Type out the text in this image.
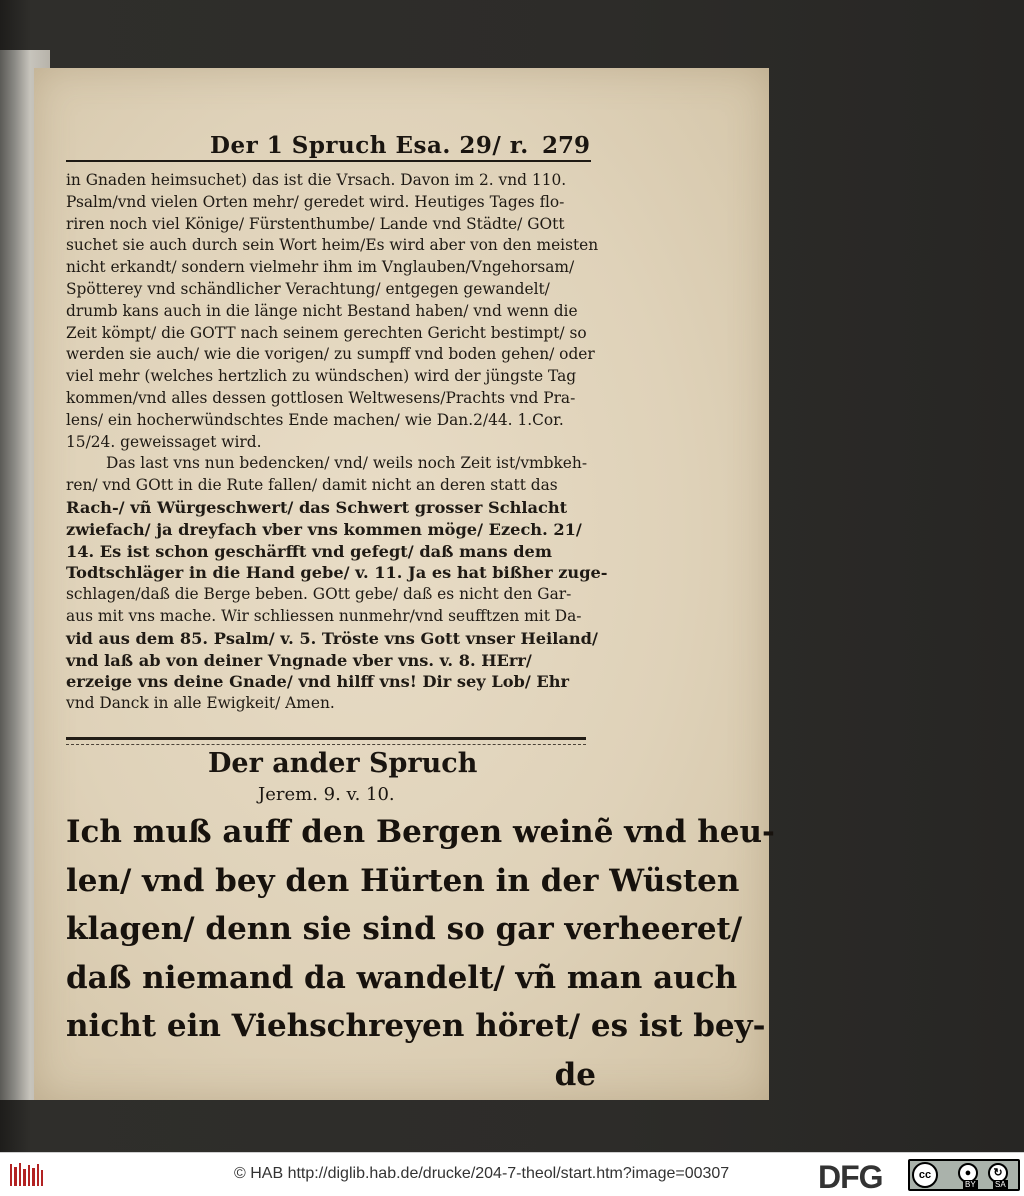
Der 1 Spruch Esa. 29/ r. 279
in Gnaden heimsuchet) das ist die Vrsach. Davon im 2. vnd 110.
Psalm/vnd vielen Orten mehr/ geredet wird. Heutiges Tages flo-
riren noch viel Könige/ Fürstenthumbe/ Lande vnd Städte/ GOtt
suchet sie auch durch sein Wort heim/Es wird aber von den meisten
nicht erkandt/ sondern vielmehr ihm im Vnglauben/Vngehorsam/
Spötterey vnd schändlicher Verachtung/ entgegen gewandelt/
drumb kans auch in die länge nicht Bestand haben/ vnd wenn die
Zeit kömpt/ die GOTT nach seinem gerechten Gericht bestimpt/ so
werden sie auch/ wie die vorigen/ zu sumpff vnd boden gehen/ oder
viel mehr (welches hertzlich zu wündschen) wird der jüngste Tag
kommen/vnd alles dessen gottlosen Weltwesens/Prachts vnd Pra-
lens/ ein hocherwündschtes Ende machen/ wie Dan.2/44. 1.Cor.
15/24. geweissaget wird.
Das last vns nun bedencken/ vnd/ weils noch Zeit ist/vmbkeh-
ren/ vnd GOtt in die Rute fallen/ damit nicht an deren statt das
Rach-/ vñ Würgeschwert/ das Schwert grosser Schlacht
zwiefach/ ja dreyfach vber vns kommen möge/ Ezech. 21/
14. Es ist schon geschärfft vnd gefegt/ daß mans dem
Todtschläger in die Hand gebe/ v. 11. Ja es hat bißher zuge-
schlagen/daß die Berge beben. GOtt gebe/ daß es nicht den Gar-
aus mit vns mache. Wir schliessen nunmehr/vnd seufftzen mit Da-
vid aus dem 85. Psalm/ v. 5. Tröste vns Gott vnser Heiland/
vnd laß ab von deiner Vngnade vber vns. v. 8. HErr/
erzeige vns deine Gnade/ vnd hilff vns! Dir sey Lob/ Ehr
vnd Danck in alle Ewigkeit/ Amen.
Der ander Spruch
Jerem. 9. v. 10.
Ich muß auff den Bergen weinẽ vnd heu-
len/ vnd bey den Hürten in der Wüsten
klagen/ denn sie sind so gar verheeret/
daß niemand da wandelt/ vñ man auch
nicht ein Viehschreyen höret/ es ist bey-
de
© HAB http://diglib.hab.de/drucke/204-7-theol/start.htm?image=00307	DFG	cc	●	↻
BY SA
